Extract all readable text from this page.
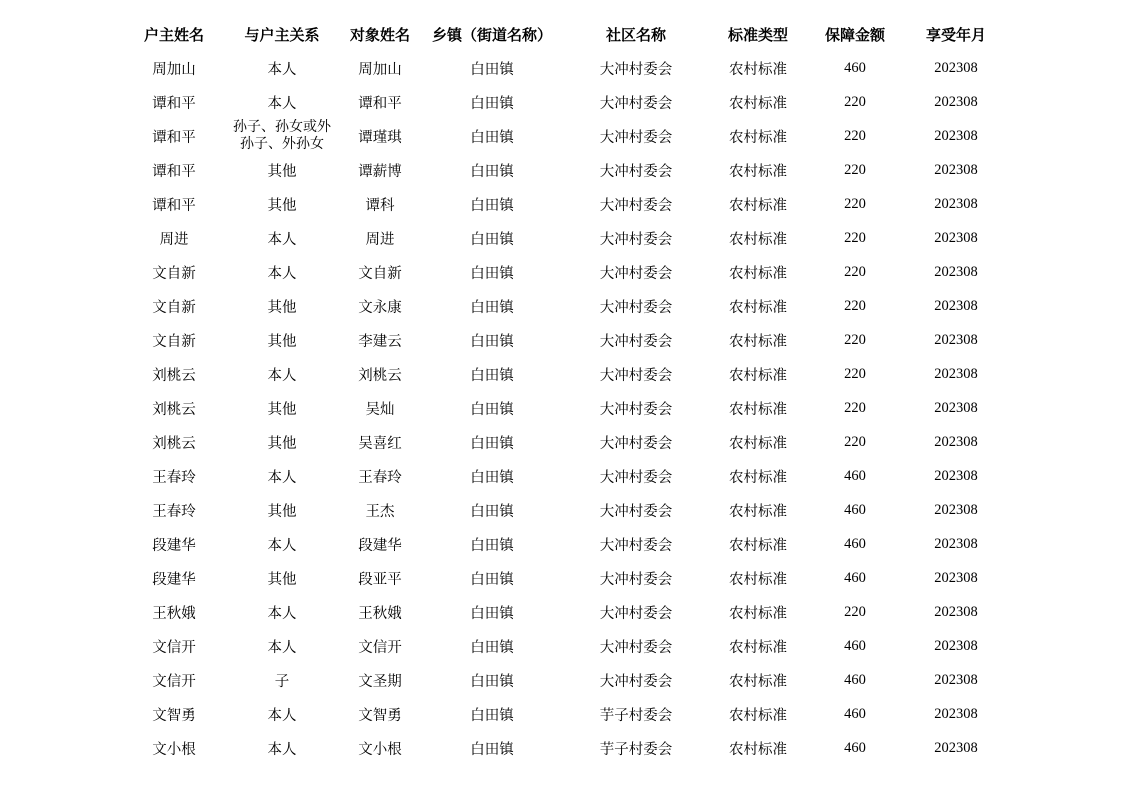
户主姓名	与户主关系	对象姓名	乡镇（街道名称）	社区名称	标准类型	保障金额	享受年月
周加山	本人	周加山	白田镇	大冲村委会	农村标准	460	202308
谭和平	本人	谭和平	白田镇	大冲村委会	农村标准	220	202308
谭和平	孙子、孙女或外孙子、外孙女	谭瑾琪	白田镇	大冲村委会	农村标准	220	202308
谭和平	其他	谭薪博	白田镇	大冲村委会	农村标准	220	202308
谭和平	其他	谭科	白田镇	大冲村委会	农村标准	220	202308
周进	本人	周进	白田镇	大冲村委会	农村标准	220	202308
文自新	本人	文自新	白田镇	大冲村委会	农村标准	220	202308
文自新	其他	文永康	白田镇	大冲村委会	农村标准	220	202308
文自新	其他	李建云	白田镇	大冲村委会	农村标准	220	202308
刘桃云	本人	刘桃云	白田镇	大冲村委会	农村标准	220	202308
刘桃云	其他	吴灿	白田镇	大冲村委会	农村标准	220	202308
刘桃云	其他	吴喜红	白田镇	大冲村委会	农村标准	220	202308
王春玲	本人	王春玲	白田镇	大冲村委会	农村标准	460	202308
王春玲	其他	王杰	白田镇	大冲村委会	农村标准	460	202308
段建华	本人	段建华	白田镇	大冲村委会	农村标准	460	202308
段建华	其他	段亚平	白田镇	大冲村委会	农村标准	460	202308
王秋娥	本人	王秋娥	白田镇	大冲村委会	农村标准	220	202308
文信开	本人	文信开	白田镇	大冲村委会	农村标准	460	202308
文信开	子	文圣期	白田镇	大冲村委会	农村标准	460	202308
文智勇	本人	文智勇	白田镇	芋子村委会	农村标准	460	202308
文小根	本人	文小根	白田镇	芋子村委会	农村标准	460	202308
